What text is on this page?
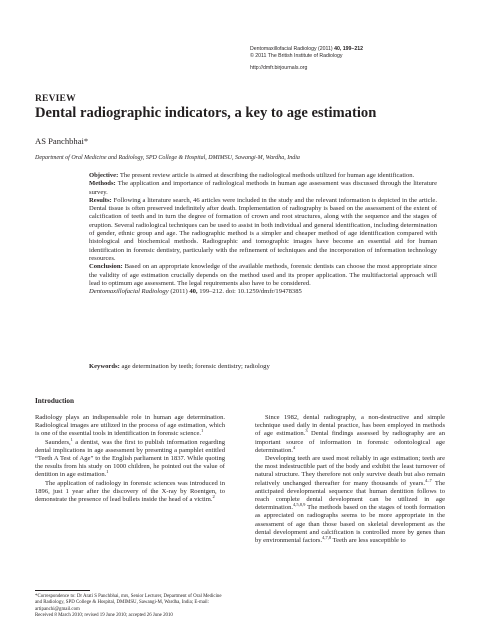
Dentomaxillofacial Radiology (2011) 40, 199–212
© 2011 The British Institute of Radiology
http://dmfr.birjournals.org
REVIEW
Dental radiographic indicators, a key to age estimation
AS Panchbhai*
Department of Oral Medicine and Radiology, SPD College & Hospital, DMIMSU, Sawangi-M, Wardha, India

Objective: The present review article is aimed at describing the radiological methods utilized for human age identification.

Methods: The application and importance of radiological methods in human age assessment was discussed through the literature survey.

Results: Following a literature search, 46 articles were included in the study and the relevant information is depicted in the article. Dental tissue is often preserved indefinitely after death. Implementation of radiography is based on the assessment of the extent of calcification of teeth and in turn the degree of formation of crown and root structures, along with the sequence and the stages of eruption. Several radiological techniques can be used to assist in both individual and general identification, including determination of gender, ethnic group and age. The radiographic method is a simpler and cheaper method of age identification compared with histological and biochemical methods. Radiographic and tomographic images have become an essential aid for human identification in forensic dentistry, particularly with the refinement of techniques and the incorporation of information technology resources.

Conclusion: Based on an appropriate knowledge of the available methods, forensic dentists can choose the most appropriate since the validity of age estimation crucially depends on the method used and its proper application. The multifactorial approach will lead to optimum age assessment. The legal requirements also have to be considered.

Dentomaxillofacial Radiology (2011) 40, 199–212. doi: 10.1259/dmfr/19478385

Keywords: age determination by teeth; forensic dentistry; radiology
Introduction

Radiology plays an indispensable role in human age determination. Radiological images are utilized in the process of age estimation, which is one of the essential tools in identification in forensic science.$^1$

Saunders,$^1$ a dentist, was the first to publish information regarding dental implications in age assessment by presenting a pamphlet entitled “Teeth A Test of Age” to the English parliament in 1837. While quoting the results from his study on 1000 children, he pointed out the value of dentition in age estimation.$^1$

The application of radiology in forensic sciences was introduced in 1896, just 1 year after the discovery of the X-ray by Roentgen, to demonstrate the presence of lead bullets inside the head of a victim.$^2$

Since 1982, dental radiography, a non-destructive and simple technique used daily in dental practice, has been employed in methods of age estimation.$^3$ Dental findings assessed by radiography are an important source of information in forensic odontological age determination.$^4$

Developing teeth are used most reliably in age estimation; teeth are the most indestructible part of the body and exhibit the least turnover of natural structure. They therefore not only survive death but also remain relatively unchanged thereafter for many thousands of years.$^{4-7}$ The anticipated developmental sequence that human dentition follows to reach complete dental development can be utilized in age determination.$^{4,5,8,9}$ The methods based on the stages of tooth formation as appreciated on radiographs seems to be more appropriate in the assessment of age than those based on skeletal development as the dental development and calcification is controlled more by genes than by environmental factors.$^{4,7,8}$ Teeth are less susceptible to

*Correspondence to: Dr Arati S Panchbhai, mrs, Senior Lecturer, Department of Oral Medicine and Radiology, SPD College & Hospital, DMIMSU, Sawangi-M, Wardha, India; E-mail: artipanchi@gmail.com

Received 8 March 2010; revised 19 June 2010; accepted 26 June 2010
